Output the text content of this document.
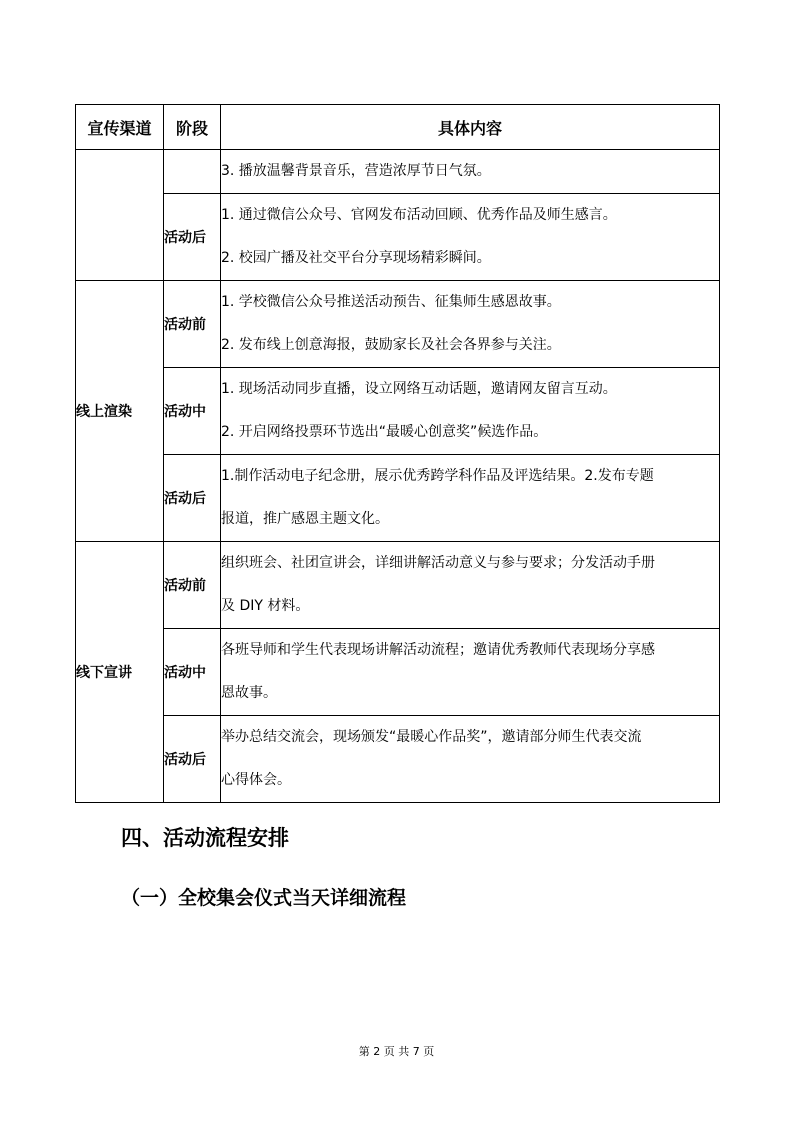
宣传渠道	阶段	具体内容

		3. 播放温馨背景音乐，营造浓厚节日气氛。

	活动后	1. 通过微信公众号、官网发布活动回顾、优秀作品及师生感言。
2. 校园广播及社交平台分享现场精彩瞬间。

线上渲染	活动前	1. 学校微信公众号推送活动预告、征集师生感恩故事。
2. 发布线上创意海报，鼓励家长及社会各界参与关注。

	活动中	1. 现场活动同步直播，设立网络互动话题，邀请网友留言互动。
2. 开启网络投票环节选出“最暖心创意奖”候选作品。

	活动后	1.制作活动电子纪念册，展示优秀跨学科作品及评选结果。2.发布专题
报道，推广感恩主题文化。

线下宣讲	活动前	组织班会、社团宣讲会，详细讲解活动意义与参与要求；分发活动手册
及 DIY 材料。

	活动中	各班导师和学生代表现场讲解活动流程；邀请优秀教师代表现场分享感
恩故事。

	活动后	举办总结交流会，现场颁发“最暖心作品奖”，邀请部分师生代表交流
心得体会。
四、活动流程安排
（一）全校集会仪式当天详细流程
第 2 页 共 7 页
